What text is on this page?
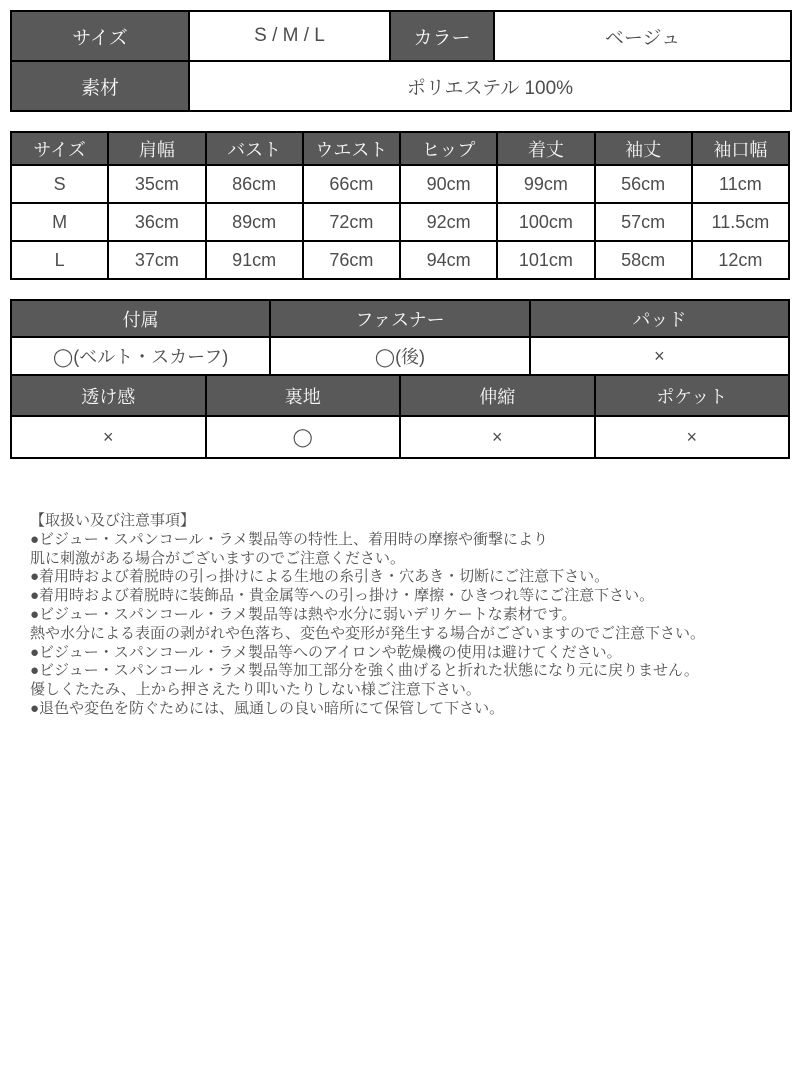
サイズ	S / M / L	カラー	ベージュ
素材	ポリエステル 100%		
サイズ	肩幅	バスト	ウエスト	ヒップ	着丈	袖丈	袖口幅
S	35cm	86cm	66cm	90cm	99cm	56cm	11cm
M	36cm	89cm	72cm	92cm	100cm	57cm	11.5cm
L	37cm	91cm	76cm	94cm	101cm	58cm	12cm
付属	ファスナー	パッド
◯(ベルト・スカーフ)	◯(後)	×
透け感	裏地	伸縮	ポケット
×	◯	×	×
【取扱い及び注意事項】
●ビジュー・スパンコール・ラメ製品等の特性上、着用時の摩擦や衝撃により
肌に刺激がある場合がございますのでご注意ください。
●着用時および着脱時の引っ掛けによる生地の糸引き・穴あき・切断にご注意下さい。
●着用時および着脱時に装飾品・貴金属等への引っ掛け・摩擦・ひきつれ等にご注意下さい。
●ビジュー・スパンコール・ラメ製品等は熱や水分に弱いデリケートな素材です。
熱や水分による表面の剥がれや色落ち、変色や変形が発生する場合がございますのでご注意下さい。
●ビジュー・スパンコール・ラメ製品等へのアイロンや乾燥機の使用は避けてください。
●ビジュー・スパンコール・ラメ製品等加工部分を強く曲げると折れた状態になり元に戻りません。
優しくたたみ、上から押さえたり叩いたりしない様ご注意下さい。
●退色や変色を防ぐためには、風通しの良い暗所にて保管して下さい。
